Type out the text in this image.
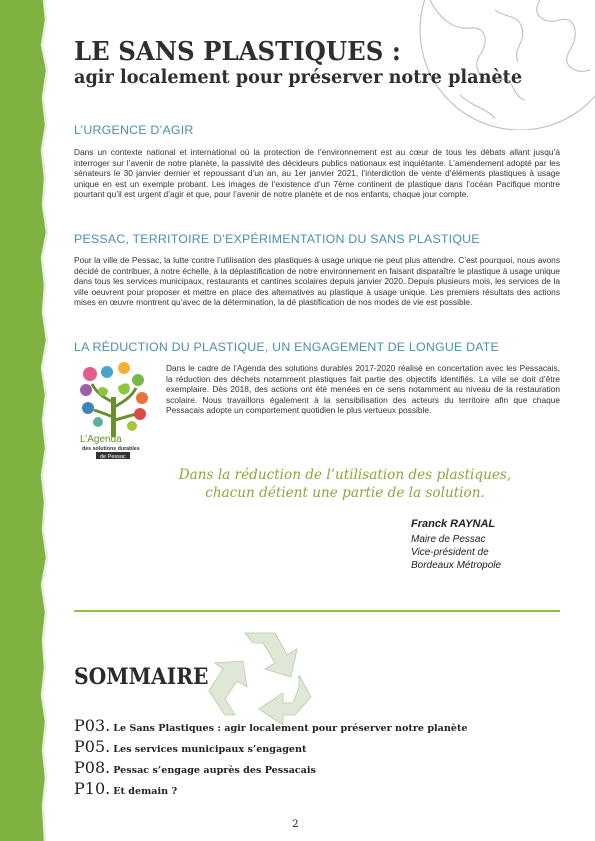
LE SANS PLASTIQUES :
agir localement pour préserver notre planète
L’URGENCE D’AGIR

Dans un contexte national et international où la protection de l’environnement est au cœur de tous les débats allant jusqu’à interroger sur l’avenir de notre planète, la passivité des décideurs publics nationaux est inquiétante. L’amendement adopté par les sénateurs le 30 janvier dernier et repoussant d’un an, au 1er janvier 2021, l’interdiction de vente d’éléments plastiques à usage unique en est un exemple probant. Les images de l’existence d’un 7ème continent de plastique dans l’océan Pacifique montre pourtant qu’il est urgent d’agir et que, pour l’avenir de notre planète et de nos enfants, chaque jour compte.

PESSAC, TERRITOIRE D’EXPÉRIMENTATION DU SANS PLASTIQUE

Pour la ville de Pessac, la lutte contre l’utilisation des plastiques à usage unique ne peut plus attendre. C’est pourquoi, nous avons décidé de contribuer, à notre échelle, à la déplastification de notre environnement en faisant disparaître le plastique à usage unique dans tous les services municipaux, restaurants et cantines scolaires depuis janvier 2020. Depuis plusieurs mois, les services de la ville oeuvrent pour proposer et mettre en place des alternatives au plastique à usage unique. Les premiers résultats des actions mises en œuvre montrent qu’avec de la détermination, la dé plastification de nos modes de vie est possible.

LA RÉDUCTION DU PLASTIQUE, UN ENGAGEMENT DE LONGUE DATE
L’Agenda
des solutions durables
de Pessac

Dans le cadre de l’Agenda des solutions durables 2017-2020 réalisé en concertation avec les Pessacais, la réduction des déchets notamment plastiques fait partie des objectifs identifiés. La ville se doit d’être exemplaire. Dès 2018, des actions ont été menées en ce sens notamment au niveau de la restauration scolaire. Nous travaillons également à la sensibilisation des acteurs du territoire afin que chaque Pessacais adopte un comportement quotidien le plus vertueux possible.

Dans la réduction de l’utilisation des plastiques,
chacun détient une partie de la solution.
Franck RAYNAL
Maire de Pessac
Vice-président de
Bordeaux Métropole
SOMMAIRE
P03. Le Sans Plastiques : agir localement pour préserver notre planète
P05. Les services municipaux s’engagent
P08. Pessac s’engage auprès des Pessacais
P10. Et demain ?
2
